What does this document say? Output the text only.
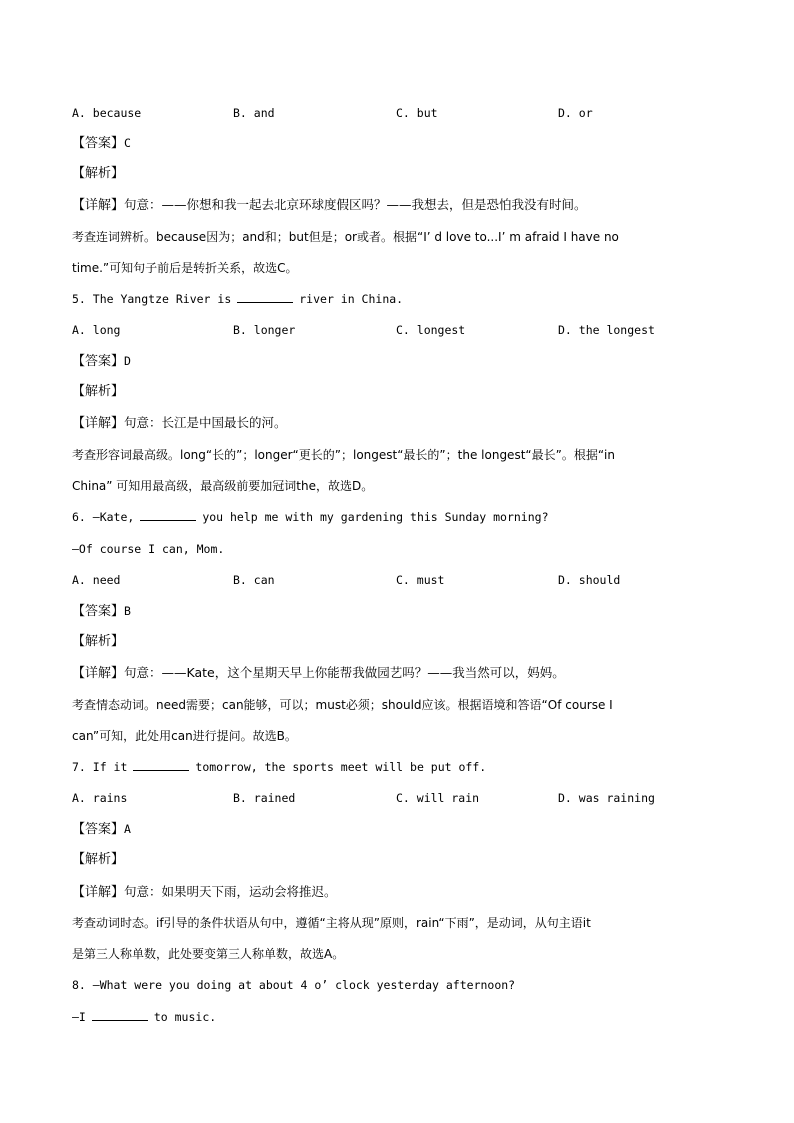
A. because	B. and	C. but	D. or
【答案】C
【解析】
【详解】句意：——你想和我一起去北京环球度假区吗？——我想去，但是恐怕我没有时间。
考查连词辨析。because因为；and和；but但是；or或者。根据“I’ d love to...I’ m afraid I have no
time.”可知句子前后是转折关系，故选C。
5. The Yangtze River is	river in China.
A. long	B. longer	C. longest	D. the longest
【答案】D
【解析】
【详解】句意：长江是中国最长的河。
考查形容词最高级。long“长的”；longer“更长的”；longest“最长的”；the longest“最长”。根据“in
China” 可知用最高级，最高级前要加冠词the，故选D。
6. —Kate,	you help me with my gardening this Sunday morning?
—Of course I can, Mom.
A. need	B. can	C. must	D. should
【答案】B
【解析】
【详解】句意：——Kate，这个星期天早上你能帮我做园艺吗？——我当然可以，妈妈。
考查情态动词。need需要；can能够，可以；must必须；should应该。根据语境和答语“Of course I
can”可知，此处用can进行提问。故选B。
7. If it	tomorrow, the sports meet will be put off.
A. rains	B. rained	C. will rain	D. was raining
【答案】A
【解析】
【详解】句意：如果明天下雨，运动会将推迟。
考查动词时态。if引导的条件状语从句中，遵循“主将从现”原则，rain“下雨”，是动词，从句主语it
是第三人称单数，此处要变第三人称单数，故选A。
8. —What were you doing at about 4 o’ clock yesterday afternoon?
—I	to music.
